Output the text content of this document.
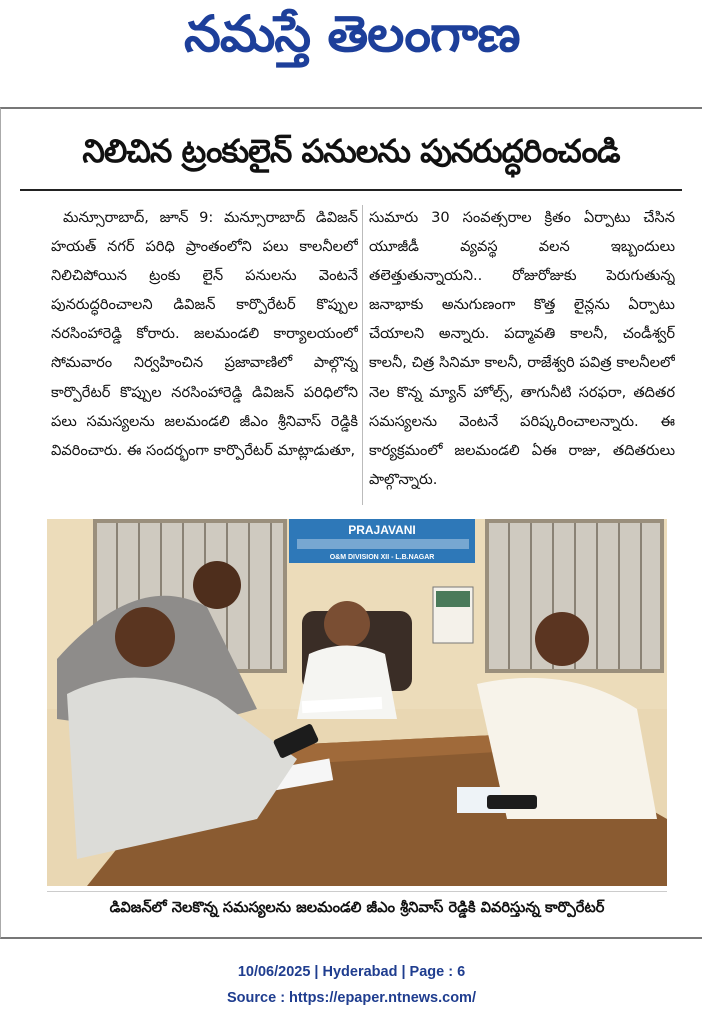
నమస్తే తెలంగాణ
నిలిచిన ట్రంకులైన్ పనులను పునరుద్ధరించండి

మన్సూరాబాద్, జూన్ 9: మన్సూరాబాద్ డివిజన్ హయత్ నగర్ పరిధి ప్రాంతంలోని పలు కాలనీలలో నిలిచిపోయిన ట్రంకు లైన్ పనులను వెంటనే పునరుద్ధరించాలని డివిజన్ కార్పొరేటర్ కొప్పుల నరసింహారెడ్డి కోరారు. జలమండలి కార్యాలయంలో సోమవారం నిర్వహించిన ప్రజావాణిలో పాల్గొన్న కార్పొరేటర్ కొప్పుల నరసింహారెడ్డి డివిజన్ పరిధిలోని పలు సమస్యలను జలమండలి జీఎం శ్రీనివాస్ రెడ్డికి వివరించారు. ఈ సందర్భంగా కార్పొరేటర్ మాట్లాడుతూ,

సుమారు 30 సంవత్సరాల క్రితం ఏర్పాటు చేసిన యూజీడీ వ్యవస్థ వలన ఇబ్బందులు తలెత్తుతున్నాయని.. రోజురోజుకు పెరుగుతున్న జనాభాకు అనుగుణంగా కొత్త లైన్లను ఏర్పాటు చేయాలని అన్నారు. పద్మావతి కాలనీ, చండీశ్వర్ కాలనీ, చిత్ర సినిమా కాలనీ, రాజేశ్వరి పవిత్ర కాలనీలలో నెల కొన్న మ్యాన్ హోల్స్, తాగునీటి సరఫరా, తదితర సమస్యలను వెంటనే పరిష్కరించాలన్నారు. ఈ కార్యక్రమంలో జలమండలి ఏఈ రాజు, తదితరులు పాల్గొన్నారు.

PRAJAVANI
O&M DIVISION XII - L.B.NAGAR
డివిజన్‌లో నెలకొన్న సమస్యలను జలమండలి జీఎం శ్రీనివాస్ రెడ్డికి వివరిస్తున్న కార్పొరేటర్
10/06/2025 | Hyderabad | Page : 6
Source : https://epaper.ntnews.com/
